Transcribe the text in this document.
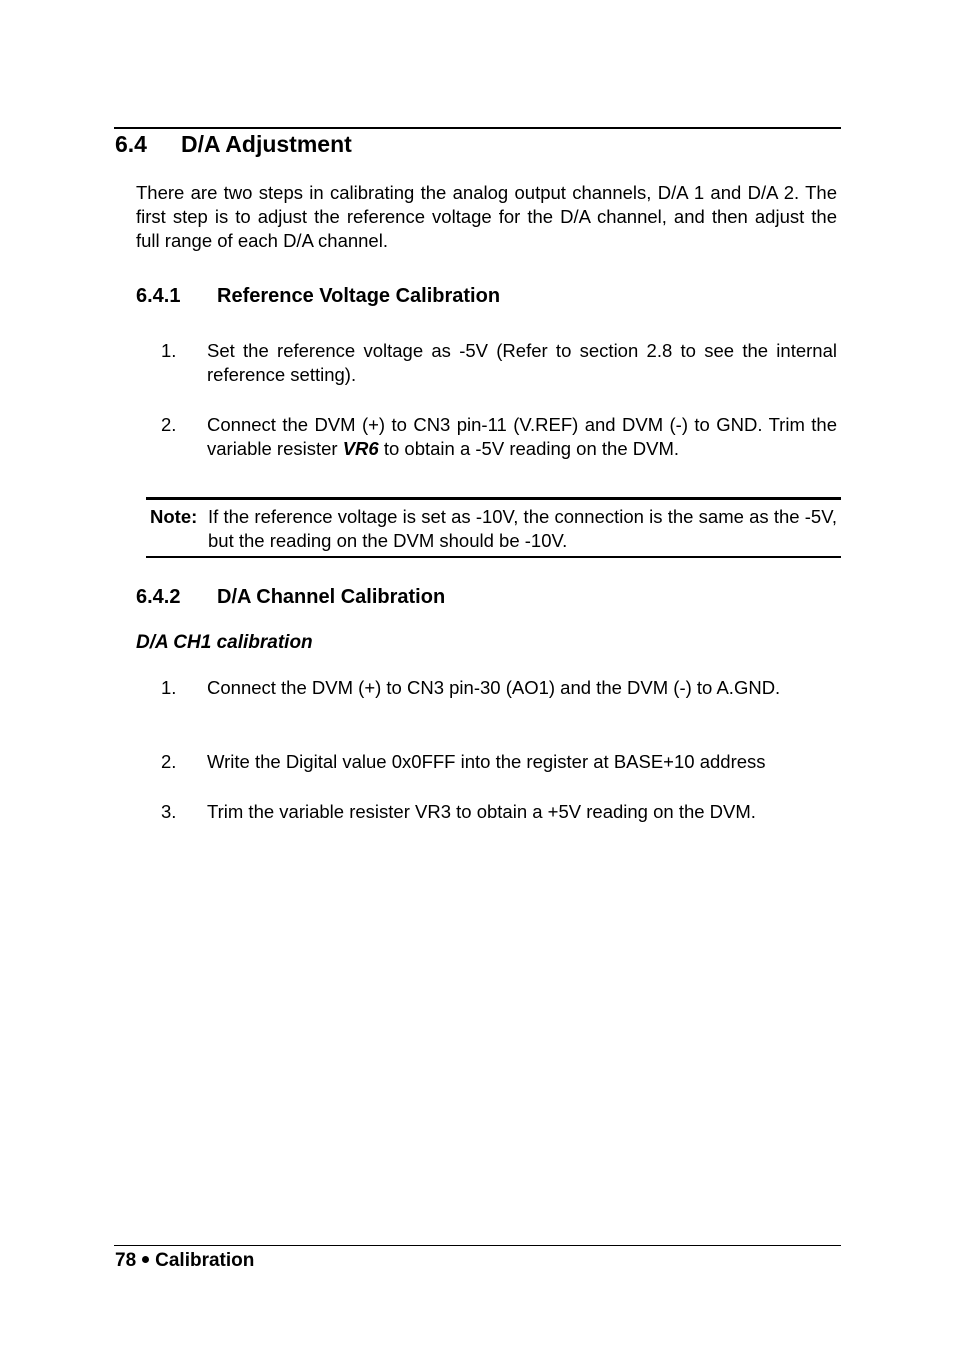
6.4 D/A Adjustment
There are two steps in calibrating the analog output channels, D/A 1 and D/A 2. The first step is to adjust the reference voltage for the D/A channel, and then adjust the full range of each D/A channel.
6.4.1 Reference Voltage Calibration
1. Set the reference voltage as -5V (Refer to section 2.8 to see the internal reference setting).
2. Connect the DVM (+) to CN3 pin-11 (V.REF) and DVM (-) to GND. Trim the variable resister VR6 to obtain a -5V reading on the DVM.
Note: If the reference voltage is set as -10V, the connection is the same as the -5V, but the reading on the DVM should be -10V.
6.4.2 D/A Channel Calibration
D/A CH1 calibration
1. Connect the DVM (+) to CN3 pin-30 (AO1) and the DVM (-) to A.GND.
2. Write the Digital value 0x0FFF into the register at BASE+10 address
3. Trim the variable resister VR3 to obtain a +5V reading on the DVM.
78 Calibration
